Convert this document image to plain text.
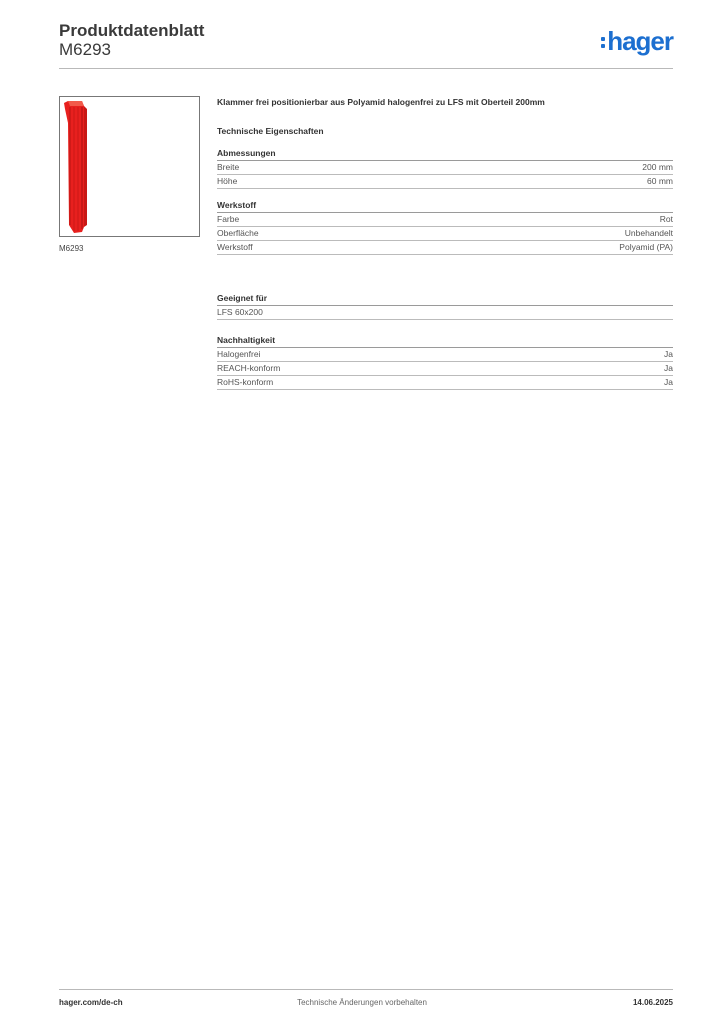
Produktdatenblatt
M6293	hager
M6293

Klammer frei positionierbar aus Polyamid halogenfrei zu LFS mit Oberteil 200mm

Technische Eigenschaften
Abmessungen
Breite	200 mm
Höhe	60 mm
Werkstoff
Farbe	Rot
Oberfläche	Unbehandelt
Werkstoff	Polyamid (PA)
Geeignet für
LFS 60x200
Nachhaltigkeit
Halogenfrei	Ja
REACH-konform	Ja
RoHS-konform	Ja
hager.com/de-ch	Technische Änderungen vorbehalten	14.06.2025
